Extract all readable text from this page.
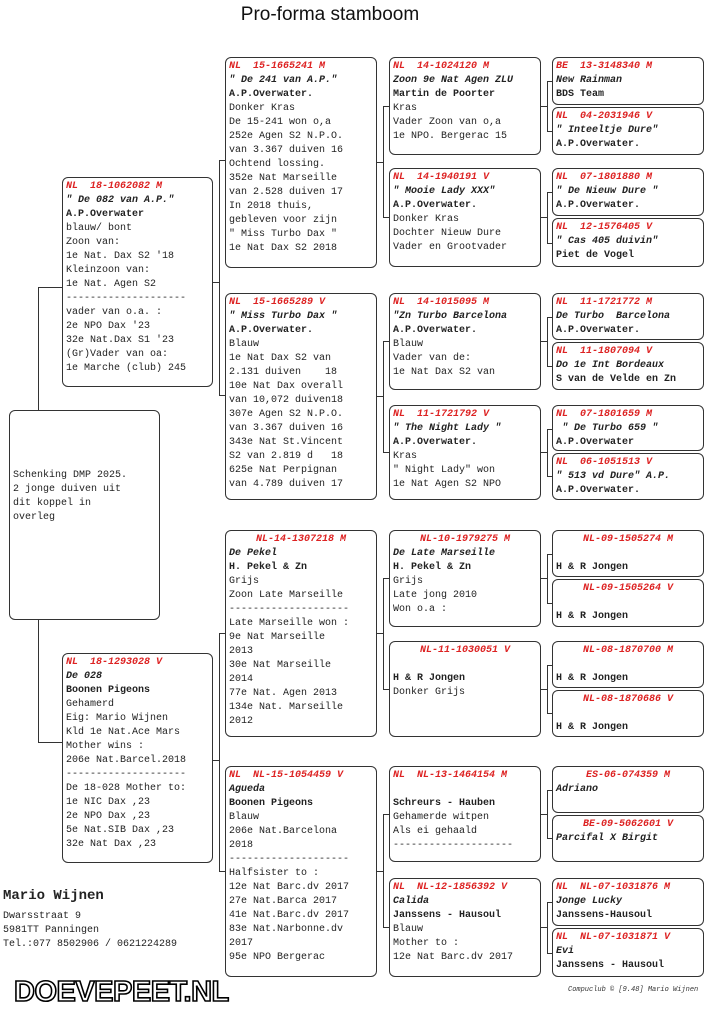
Pro-forma stamboom
Schenking DMP 2025.
2 jonge duiven uit
dit koppel in
overleg
NL  18-1062082 M
" De 082 van A.P."
A.P.Overwater
blauw/ bont
Zoon van:
1e Nat. Dax S2 '18
Kleinzoon van:
1e Nat. Agen S2
--------------------
vader van o.a. :
2e NPO Dax '23
32e Nat.Dax S1 '23
(Gr)Vader van oa:
1e Marche (club) 245
NL  18-1293028 V
De 028
Boonen Pigeons
Gehamerd
Eig: Mario Wijnen
Kld 1e Nat.Ace Mars
Mother wins :
206e Nat.Barcel.2018
--------------------
De 18-028 Mother to:
1e NIC Dax ,23
2e NPO Dax ,23
5e Nat.SIB Dax ,23
32e Nat Dax ,23
NL  15-1665241 M
" De 241 van A.P."
A.P.Overwater.
Donker Kras
De 15-241 won o,a
252e Agen S2 N.P.O.
van 3.367 duiven 16
Ochtend lossing.
352e Nat Marseille
van 2.528 duiven 17
In 2018 thuis,
gebleven voor zijn
" Miss Turbo Dax "
1e Nat Dax S2 2018
NL  15-1665289 V
" Miss Turbo Dax "
A.P.Overwater.
Blauw
1e Nat Dax S2 van
2.131 duiven    18
10e Nat Dax overall
van 10,072 duiven18
307e Agen S2 N.P.O.
van 3.367 duiven 16
343e Nat St.Vincent
S2 van 2.819 d   18
625e Nat Perpignan
van 4.789 duiven 17
NL-14-1307218 M
De Pekel
H. Pekel & Zn
Grijs
Zoon Late Marseille
--------------------
Late Marseille won :
9e Nat Marseille
2013
30e Nat Marseille
2014
77e Nat. Agen 2013
134e Nat. Marseille
2012
NL  NL-15-1054459 V
Agueda
Boonen Pigeons
Blauw
206e Nat.Barcelona
2018
--------------------
Halfsister to :
12e Nat Barc.dv 2017
27e Nat.Barca 2017
41e Nat.Barc.dv 2017
83e Nat.Narbonne.dv
2017
95e NPO Bergerac
NL  14-1024120 M
Zoon 9e Nat Agen ZLU
Martin de Poorter
Kras
Vader Zoon van o,a
1e NPO. Bergerac 15
NL  14-1940191 V
" Mooie Lady XXX"
A.P.Overwater.
Donker Kras
Dochter Nieuw Dure
Vader en Grootvader
NL  14-1015095 M
"Zn Turbo Barcelona
A.P.Overwater.
Blauw
Vader van de:
1e Nat Dax S2 van
NL  11-1721792 V
" The Night Lady "
A.P.Overwater.
Kras
" Night Lady" won
1e Nat Agen S2 NPO
NL-10-1979275 M
De Late Marseille
H. Pekel & Zn
Grijs
Late jong 2010
Won o.a :
NL-11-1030051 V

H & R Jongen
Donker Grijs
NL  NL-13-1464154 M

Schreurs - Hauben
Gehamerde witpen
Als ei gehaald
--------------------
NL  NL-12-1856392 V
Calida
Janssens - Hausoul
Blauw
Mother to :
12e Nat Barc.dv 2017
BE  13-3148340 M
New Rainman
BDS Team
NL  04-2031946 V
" Inteeltje Dure"
A.P.Overwater.
NL  07-1801880 M
" De Nieuw Dure "
A.P.Overwater.
NL  12-1576405 V
" Cas 405 duivin"
Piet de Vogel
NL  11-1721772 M
De Turbo  Barcelona
A.P.Overwater.
NL  11-1807094 V
Do 1e Int Bordeaux
S van de Velde en Zn
NL  07-1801659 M
" De Turbo 659 "
A.P.Overwater
NL  06-1051513 V
" 513 vd Dure" A.P.
A.P.Overwater.
NL-09-1505274 M

H & R Jongen
NL-09-1505264 V

H & R Jongen
NL-08-1870700 M

H & R Jongen
NL-08-1870686 V

H & R Jongen
ES-06-074359 M
Adriano
BE-09-5062601 V
Parcifal X Birgit
NL  NL-07-1031876 M
Jonge Lucky
Janssens-Hausoul
NL  NL-07-1031871 V
Evi
Janssens - Hausoul
Mario Wijnen
Dwarsstraat 9
5981TT Panningen
Tel.:077 8502906 / 0621224289
DOEVEPEET.NL	Compuclub © [9.48] Mario Wijnen
